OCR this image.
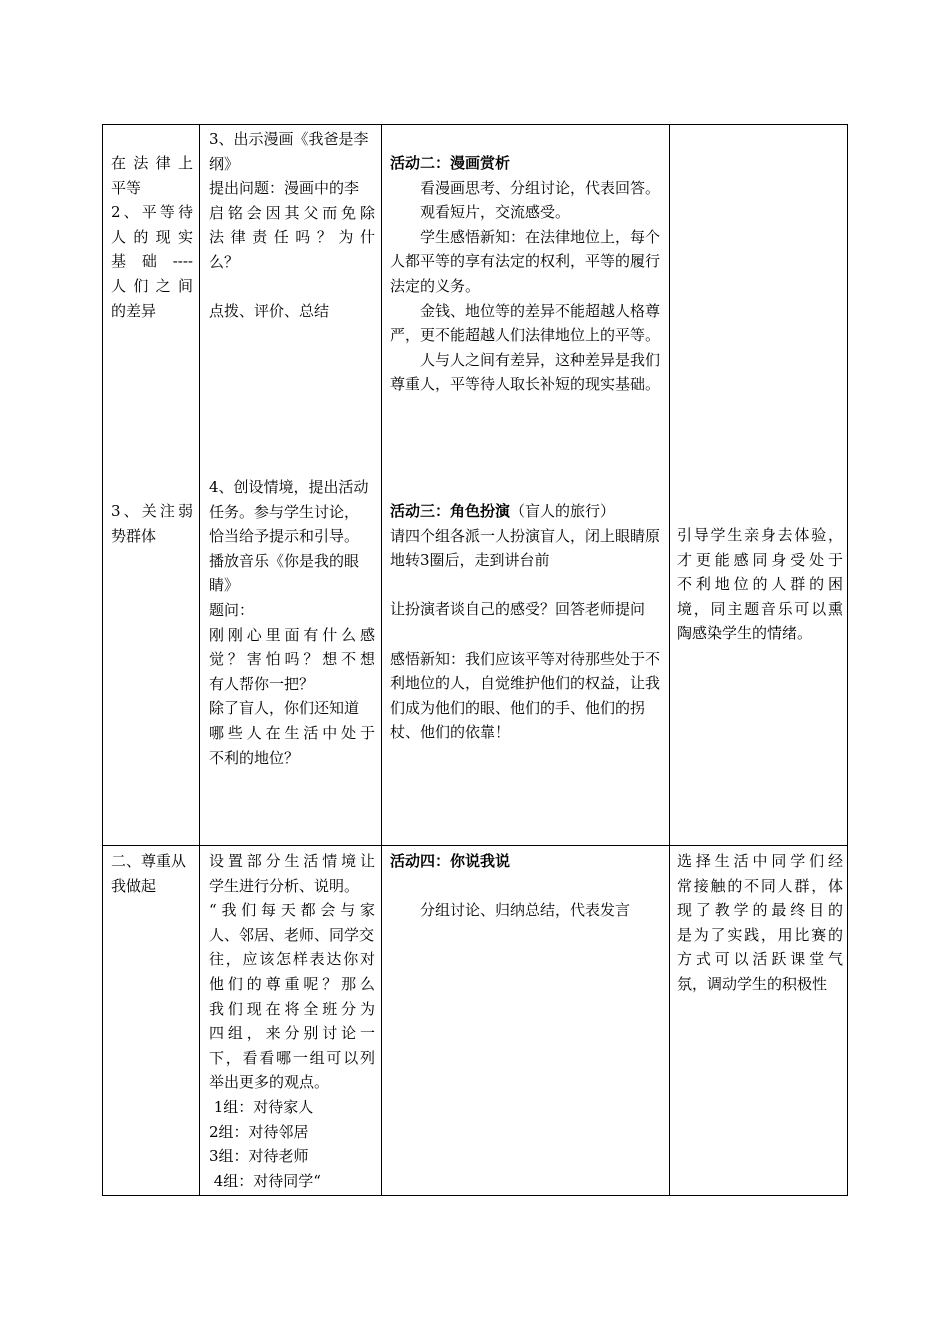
在法律上

平等

2、平等待

人的现实

基础----

人们之间

的差异

3、出示漫画《我爸是李

纲》

提出问题：漫画中的李

启铭会因其父而免除

法律责任吗？为什

么？

点拨、评价、总结

活动二：漫画赏析

看漫画思考、分组讨论，代表回答。

观看短片，交流感受。

学生感悟新知：在法律地位上，每个人都平等的享有法定的权利，平等的履行法定的义务。

金钱、地位等的差异不能超越人格尊严，更不能超越人们法律地位上的平等。

人与人之间有差异，这种差异是我们尊重人，平等待人取长补短的现实基础。

3、关注弱

势群体

4、创设情境，提出活动

任务。参与学生讨论，

恰当给予提示和引导。

播放音乐《你是我的眼

睛》

题问：

刚刚心里面有什么感

觉？害怕吗？想不想

有人帮你一把？

除了盲人，你们还知道

哪些人在生活中处于

不利的地位？

活动三：角色扮演（盲人的旅行）

请四个组各派一人扮演盲人，闭上眼睛原地转3圈后，走到讲台前

让扮演者谈自己的感受？回答老师提问

感悟新知：我们应该平等对待那些处于不利地位的人，自觉维护他们的权益，让我们成为他们的眼、他们的手、他们的拐杖、他们的依靠！

引导学生亲身去体验，

才更能感同身受处于

不利地位的人群的困

境，同主题音乐可以熏

陶感染学生的情绪。

二、尊重从

我做起

设置部分生活情境让

学生进行分析、说明。

“我们每天都会与家

人、邻居、老师、同学交

往，应该怎样表达你对

他们的尊重呢？那么

我们现在将全班分为

四组，来分别讨论一

下，看看哪一组可以列

举出更多的观点。

1组：对待家人

2组：对待邻居

3组：对待老师

4组：对待同学“

活动四：你说我说

分组讨论、归纳总结，代表发言

选择生活中同学们经

常接触的不同人群，体

现了教学的最终目的

是为了实践，用比赛的

方式可以活跃课堂气

氛，调动学生的积极性
